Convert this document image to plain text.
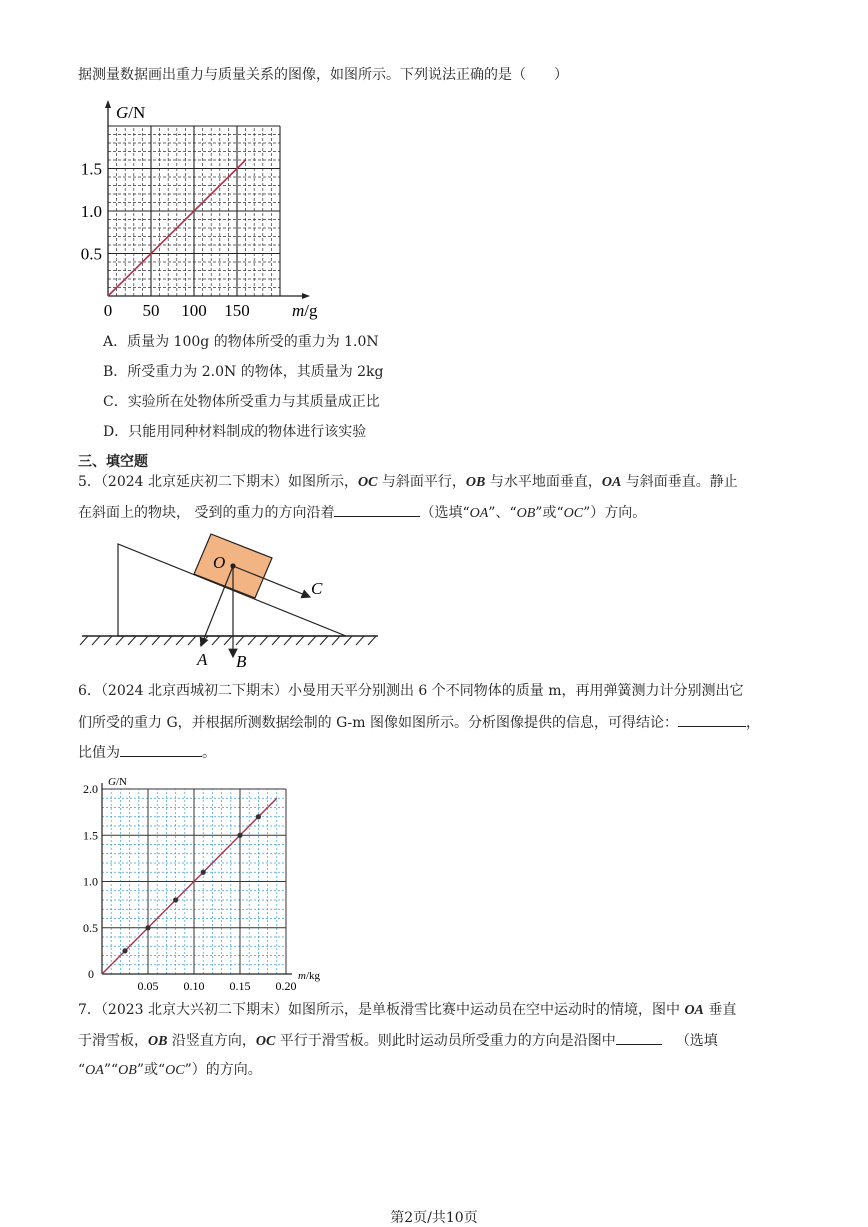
据测量数据画出重力与质量关系的图像，如图所示。下列说法正确的是（　　）
0 50 100 150
0.5
1.0
1.5
G/N
m/g
A．质量为 100g 的物体所受的重力为 1.0N
B．所受重力为 2.0N 的物体，其质量为 2kg
C．实验所在处物体所受重力与其质量成正比
D．只能用同种材料制成的物体进行该实验
三、填空题
5．（2024 北京延庆初二下期末）如图所示，OC 与斜面平行，OB 与水平地面垂直，OA 与斜面垂直。静止
在斜面上的物块， 受到的重力的方向沿着	（选填“OA”、“OB”或“OC”）方向。
O
C
B
A
6．（2024 北京西城初二下期末）小曼用天平分别测出 6 个不同物体的质量 m，再用弹簧测力计分别测出它
们所受的重力 G，并根据所测数据绘制的 G-m 图像如图所示。分析图像提供的信息，可得结论：	，
比值为	。
0.05 0.10 0.15 0.20
0
0.5
1.0
1.5
2.0 G/N
m/kg
7．（2023 北京大兴初二下期末）如图所示，是单板滑雪比赛中运动员在空中运动时的情境，图中 OA 垂直
于滑雪板，OB 沿竖直方向，OC 平行于滑雪板。则此时运动员所受重力的方向是沿图中	（选填
“OA”“OB”或“OC”）的方向。
第2页/共10页
